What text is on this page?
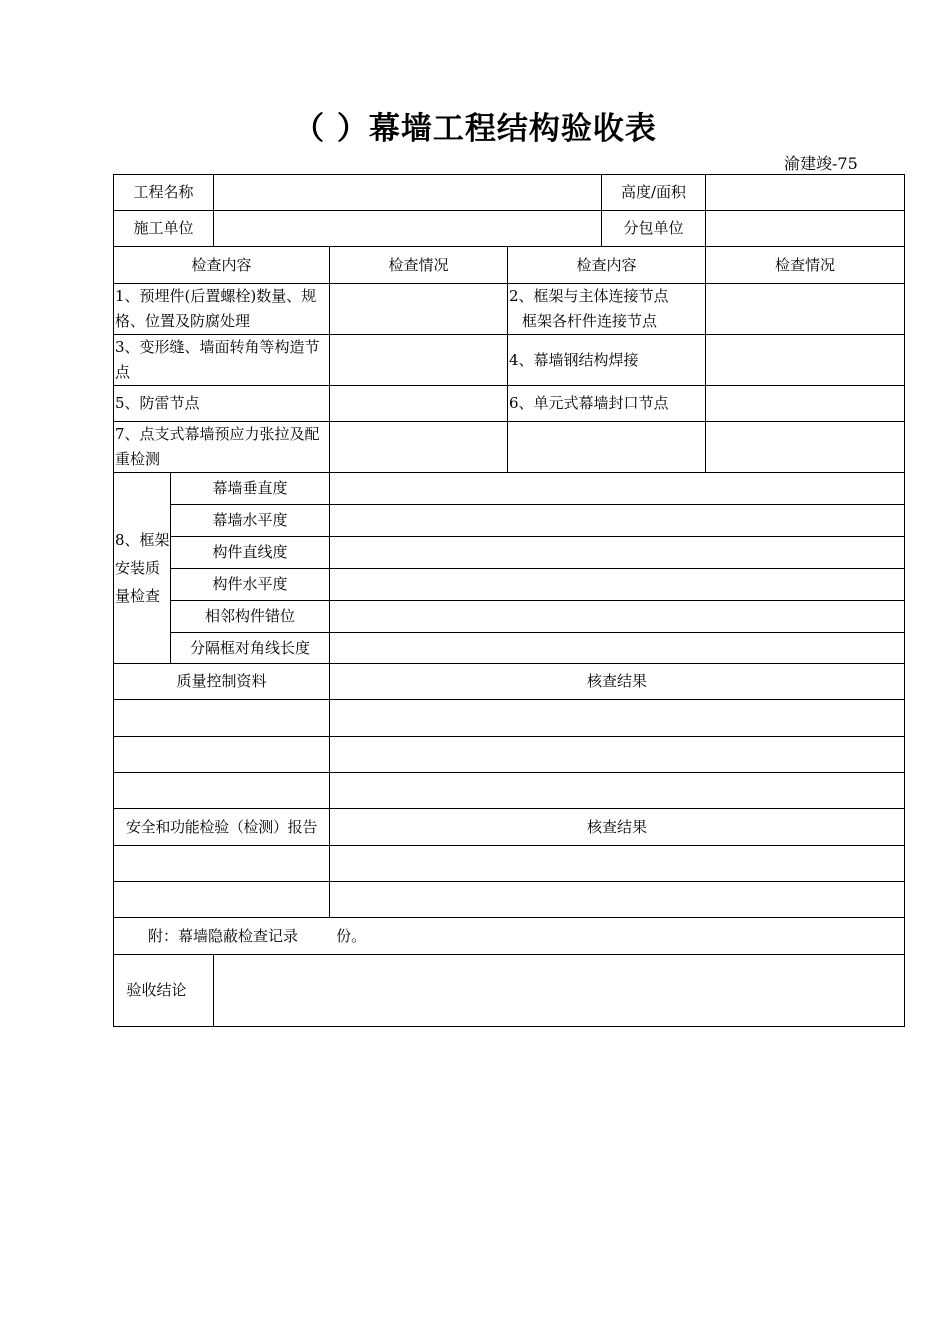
（ ）幕墙工程结构验收表
渝建竣-75
工程名称					高度/面积	
施工单位					分包单位	
检查内容			检查情况	检查内容		检查情况
1、预埋件(后置螺栓)数量、规格、位置及防腐处理				2、框架与主体连接节点
框架各杆件连接节点		

3、变形缝、墙面转角等构造节点				4、幕墙钢结构焊接		
5、防雷节点				6、单元式幕墙封口节点		
7、点支式幕墙预应力张拉及配重检测						
8、框架安装质量检查	幕墙垂直度					
	幕墙水平度					
	构件直线度					
	构件水平度					
	相邻构件错位					
	分隔框对角线长度					
质量控制资料			核查结果			

安全和功能检验（检测）报告			核查结果			

附：幕墙隐蔽检查记录        份。						
验收结论						
